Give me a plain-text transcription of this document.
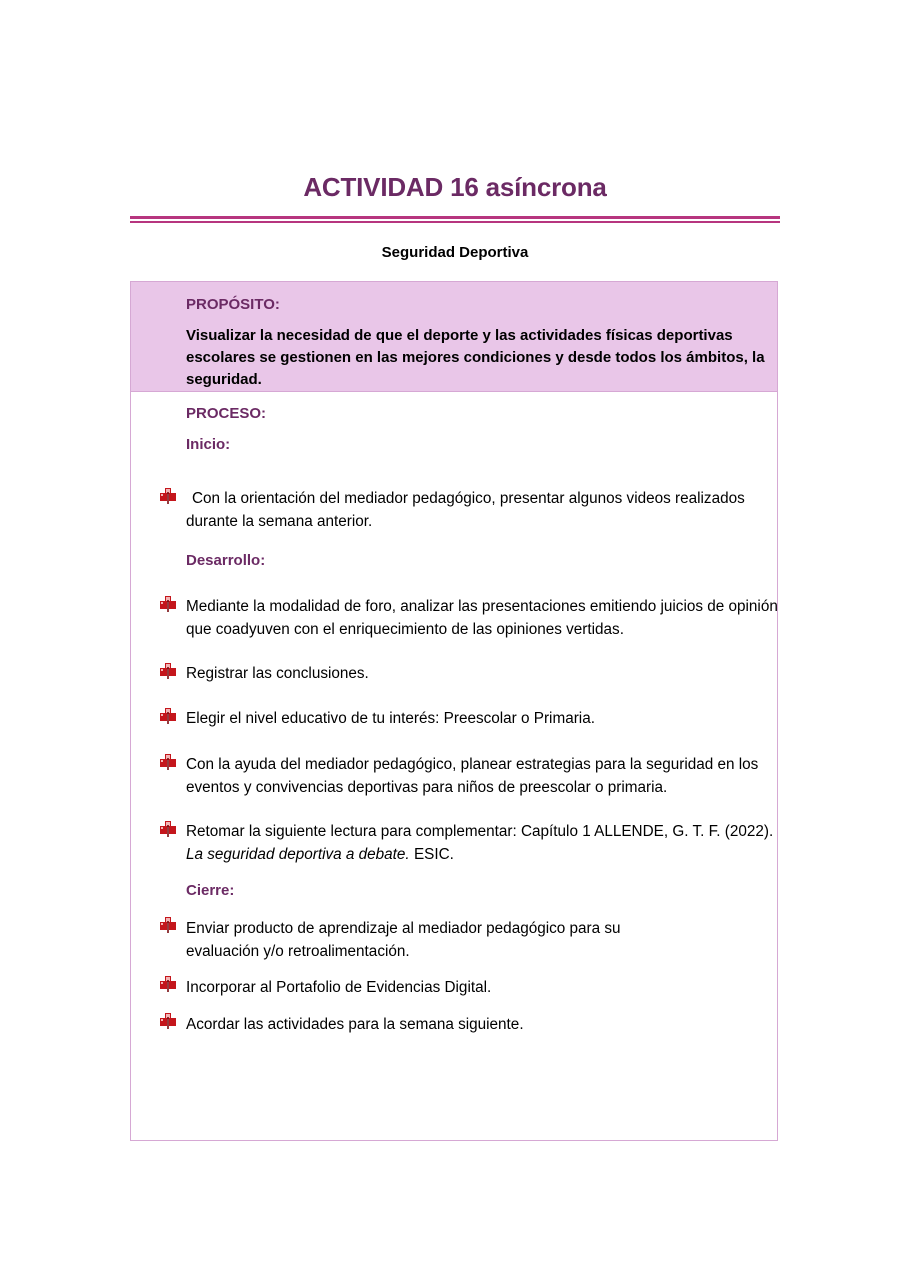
ACTIVIDAD 16 asíncrona
Seguridad Deportiva
PROPÓSITO:
Visualizar la necesidad de que el deporte y las actividades físicas deportivas escolares se gestionen en las mejores condiciones y desde todos los ámbitos, la seguridad.
PROCESO:
Inicio:
Con la orientación del mediador pedagógico, presentar algunos videos realizados durante la semana anterior.
Desarrollo:
Mediante la modalidad de foro, analizar las presentaciones emitiendo juicios de opinión que coadyuven con el enriquecimiento de las opiniones vertidas.
Registrar las conclusiones.
Elegir el nivel educativo de tu interés: Preescolar o Primaria.
Con la ayuda del mediador pedagógico, planear estrategias para la seguridad en los eventos y convivencias deportivas para niños de preescolar o primaria.
Retomar la siguiente lectura para complementar: Capítulo 1 ALLENDE, G. T. F. (2022). La seguridad deportiva a debate. ESIC.
Cierre:
Enviar producto de aprendizaje al mediador pedagógico para su evaluación y/o retroalimentación.
Incorporar al Portafolio de Evidencias Digital.
Acordar las actividades para la semana siguiente.
